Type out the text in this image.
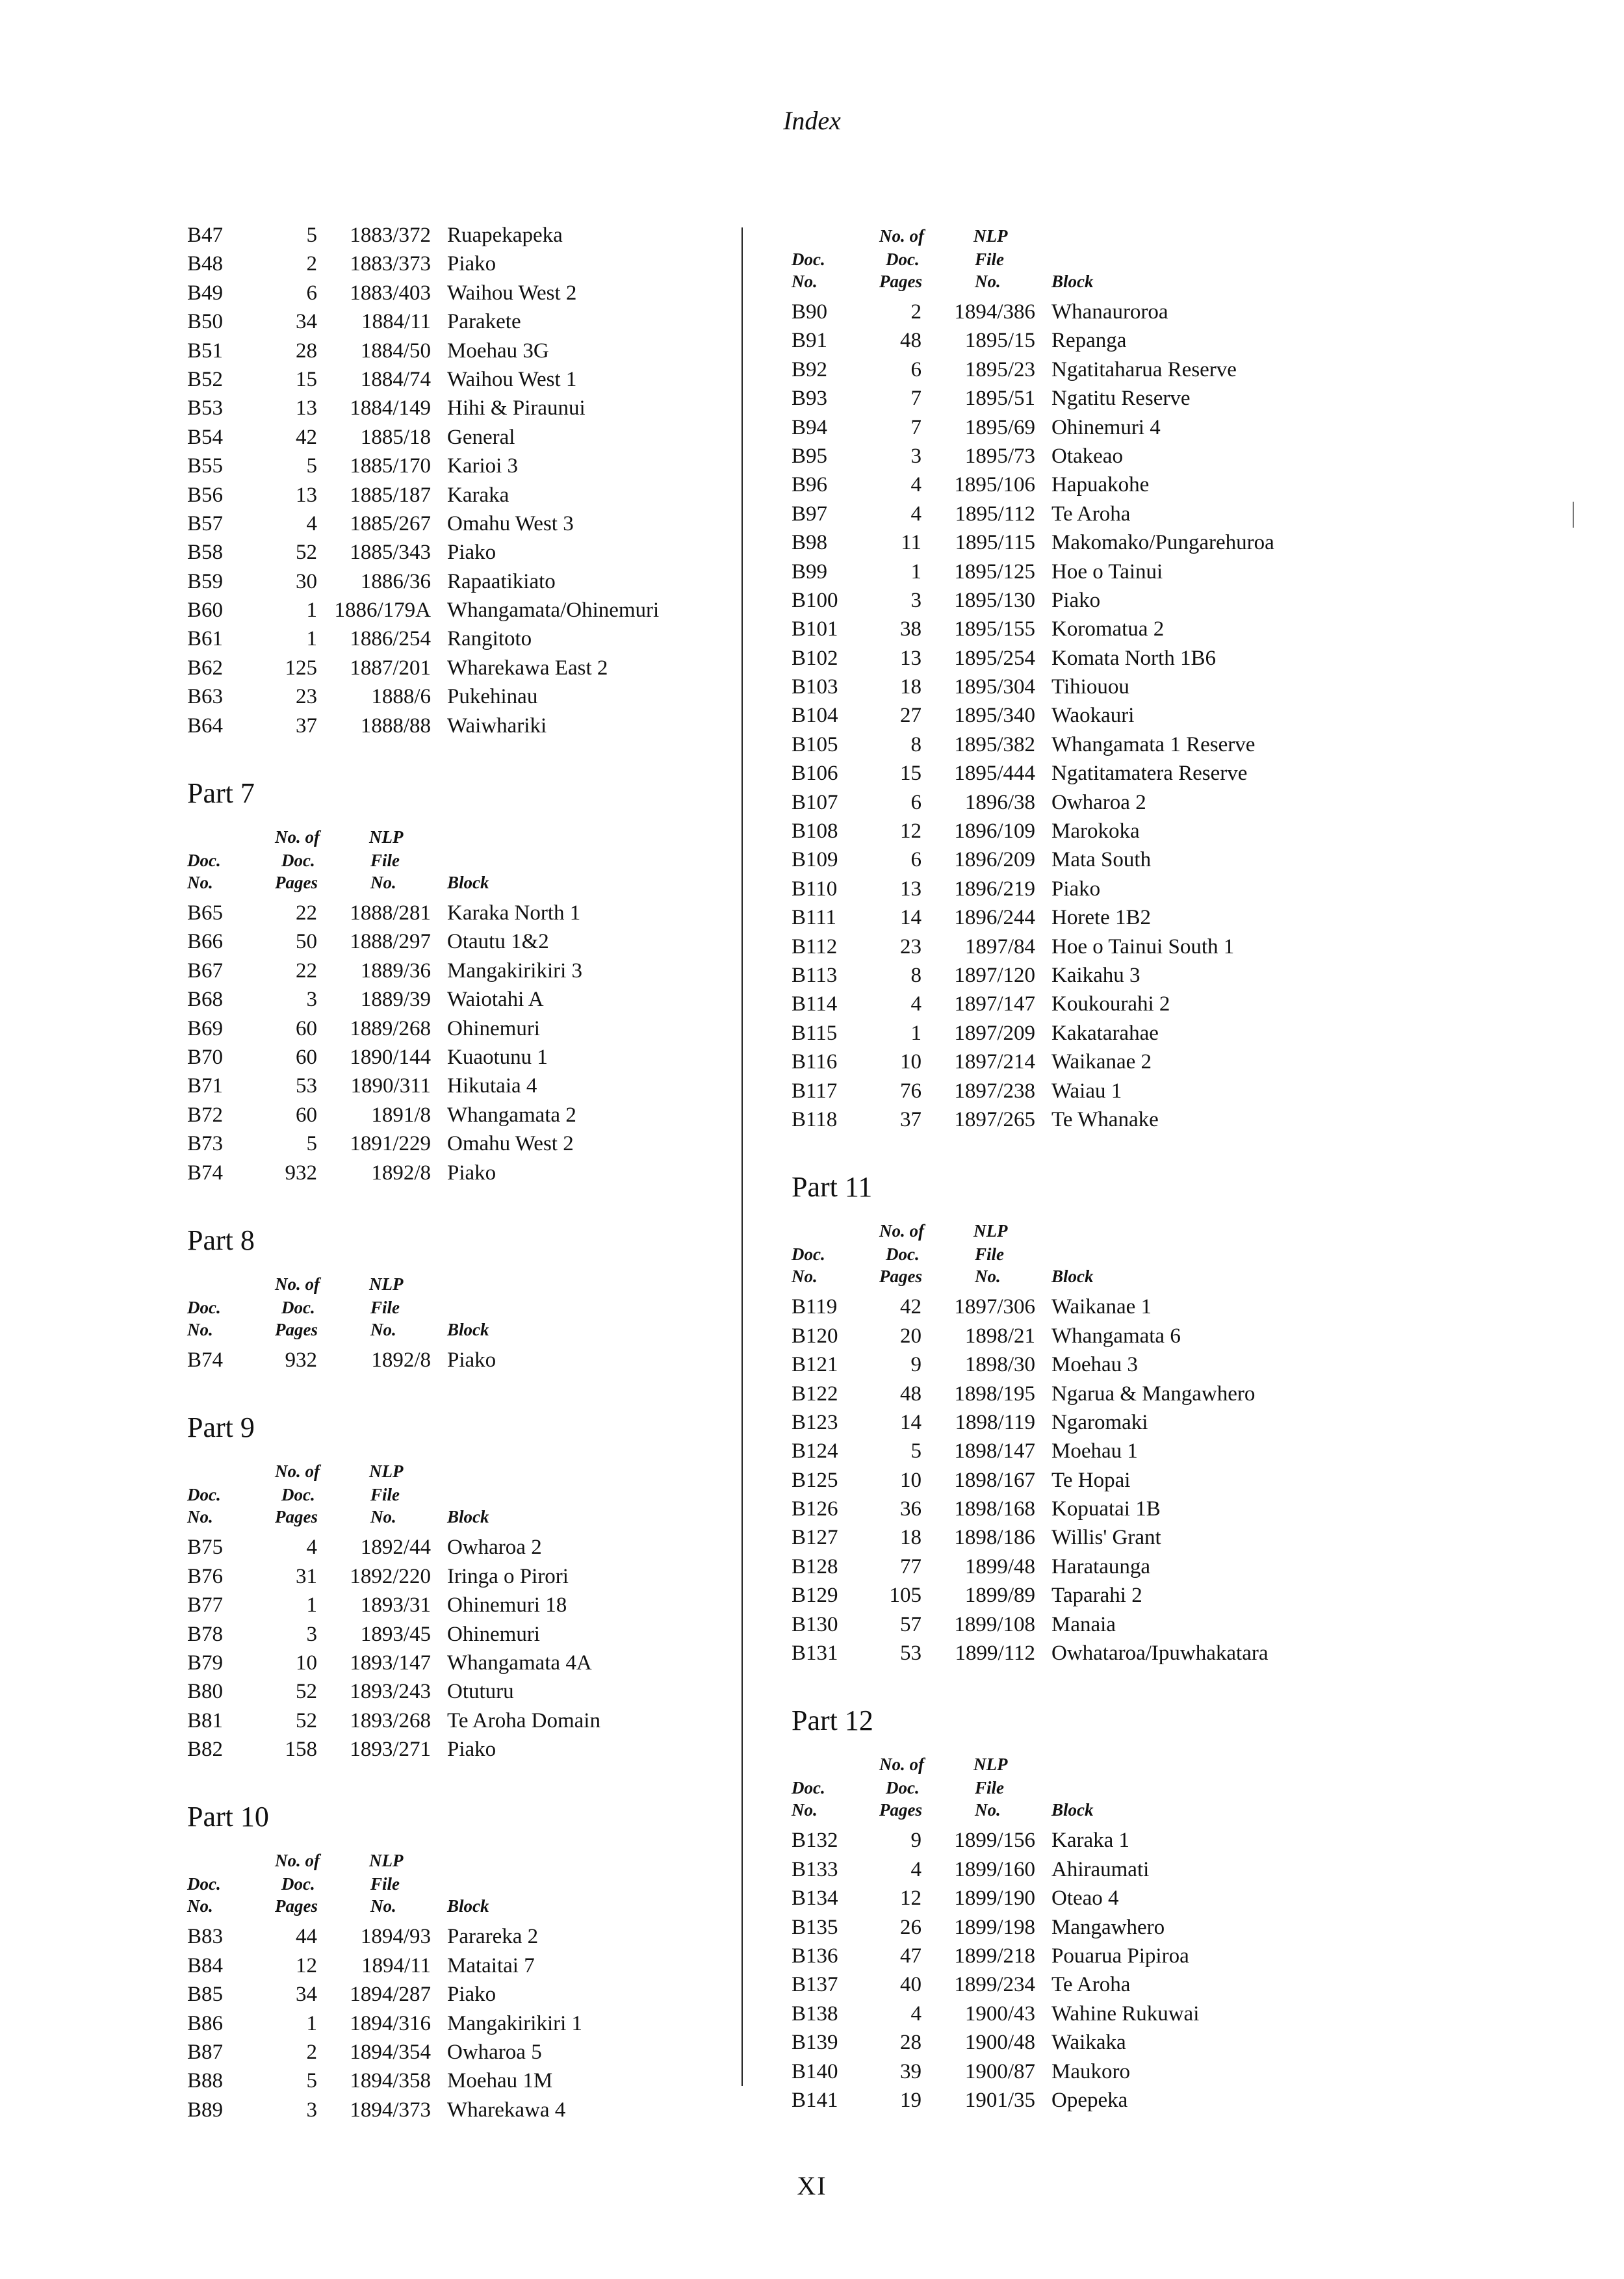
Index
B47	5	1883/372 Ruapekapeka
B48	2	1883/373 Piako
B49	6	1883/403 Waihou West 2
B50	34	1884/11 Parakete
B51	28	1884/50 Moehau 3G
B52	15	1884/74 Waihou West 1
B53	13	1884/149 Hihi & Piraunui
B54	42	1885/18 General
B55	5	1885/170 Karioi 3
B56	13	1885/187 Karaka
B57	4	1885/267 Omahu West 3
B58	52	1885/343 Piako
B59	30	1886/36 Rapaatikiato
B60	1 1886/179A Whangamata/Ohinemuri
B61	1	1886/254 Rangitoto
B62	125	1887/201 Wharekawa East 2
B63	23	1888/6 Pukehinau
B64	37	1888/88 Waiwhariki
Part 7
No. of	NLP
Doc.	Doc.	File
No.	Pages	No.	Block
B65	22	1888/281 Karaka North 1
B66	50	1888/297 Otautu 1&2
B67	22	1889/36 Mangakirikiri 3
B68	3	1889/39 Waiotahi A
B69	60	1889/268 Ohinemuri
B70	60	1890/144 Kuaotunu 1
B71	53	1890/311 Hikutaia 4
B72	60	1891/8 Whangamata 2
B73	5	1891/229 Omahu West 2
B74	932	1892/8 Piako
Part 8
No. of	NLP
Doc.	Doc.	File
No.	Pages	No.	Block
B74	932	1892/8 Piako
Part 9
No. of	NLP
Doc.	Doc.	File
No.	Pages	No.	Block
B75	4	1892/44 Owharoa 2
B76	31	1892/220 Iringa o Pirori
B77	1	1893/31 Ohinemuri 18
B78	3	1893/45 Ohinemuri
B79	10	1893/147 Whangamata 4A
B80	52	1893/243 Otuturu
B81	52	1893/268 Te Aroha Domain
B82	158	1893/271 Piako
Part 10
No. of	NLP
Doc.	Doc.	File
No.	Pages	No.	Block
B83	44	1894/93 Parareka 2
B84	12	1894/11 Mataitai 7
B85	34	1894/287 Piako
B86	1	1894/316 Mangakirikiri 1
B87	2	1894/354 Owharoa 5
B88	5	1894/358 Moehau 1M
B89	3	1894/373 Wharekawa 4
No. of	NLP
Doc.	Doc.	File
No.	Pages	No.	Block
B90	2	1894/386 Whanauroroa
B91	48	1895/15 Repanga
B92	6	1895/23 Ngatitaharua Reserve
B93	7	1895/51 Ngatitu Reserve
B94	7	1895/69 Ohinemuri 4
B95	3	1895/73 Otakeao
B96	4	1895/106 Hapuakohe
B97	4	1895/112 Te Aroha
B98	11	1895/115 Makomako/Pungarehuroa
B99	1	1895/125 Hoe o Tainui
B100	3	1895/130 Piako
B101	38	1895/155 Koromatua 2
B102	13	1895/254 Komata North 1B6
B103	18	1895/304 Tihiouou
B104	27	1895/340 Waokauri
B105	8	1895/382 Whangamata 1 Reserve
B106	15	1895/444 Ngatitamatera Reserve
B107	6	1896/38 Owharoa 2
B108	12	1896/109 Marokoka
B109	6	1896/209 Mata South
B110	13	1896/219 Piako
B111	14	1896/244 Horete 1B2
B112	23	1897/84 Hoe o Tainui South 1
B113	8	1897/120 Kaikahu 3
B114	4	1897/147 Koukourahi 2
B115	1	1897/209 Kakatarahae
B116	10	1897/214 Waikanae 2
B117	76	1897/238 Waiau 1
B118	37	1897/265 Te Whanake
Part 11
No. of	NLP
Doc.	Doc.	File
No.	Pages	No.	Block
B119	42	1897/306 Waikanae 1
B120	20	1898/21 Whangamata 6
B121	9	1898/30 Moehau 3
B122	48	1898/195 Ngarua & Mangawhero
B123	14	1898/119 Ngaromaki
B124	5	1898/147 Moehau 1
B125	10	1898/167 Te Hopai
B126	36	1898/168 Kopuatai 1B
B127	18	1898/186 Willis' Grant
B128	77	1899/48 Harataunga
B129	105	1899/89 Taparahi 2
B130	57	1899/108 Manaia
B131	53	1899/112 Owhataroa/Ipuwhakatara
Part 12
No. of	NLP
Doc.	Doc.	File
No.	Pages	No.	Block
B132	9	1899/156 Karaka 1
B133	4	1899/160 Ahiraumati
B134	12	1899/190 Oteao 4
B135	26	1899/198 Mangawhero
B136	47	1899/218 Pouarua Pipiroa
B137	40	1899/234 Te Aroha
B138	4	1900/43 Wahine Rukuwai
B139	28	1900/48 Waikaka
B140	39	1900/87 Maukoro
B141	19	1901/35 Opepeka
XI
